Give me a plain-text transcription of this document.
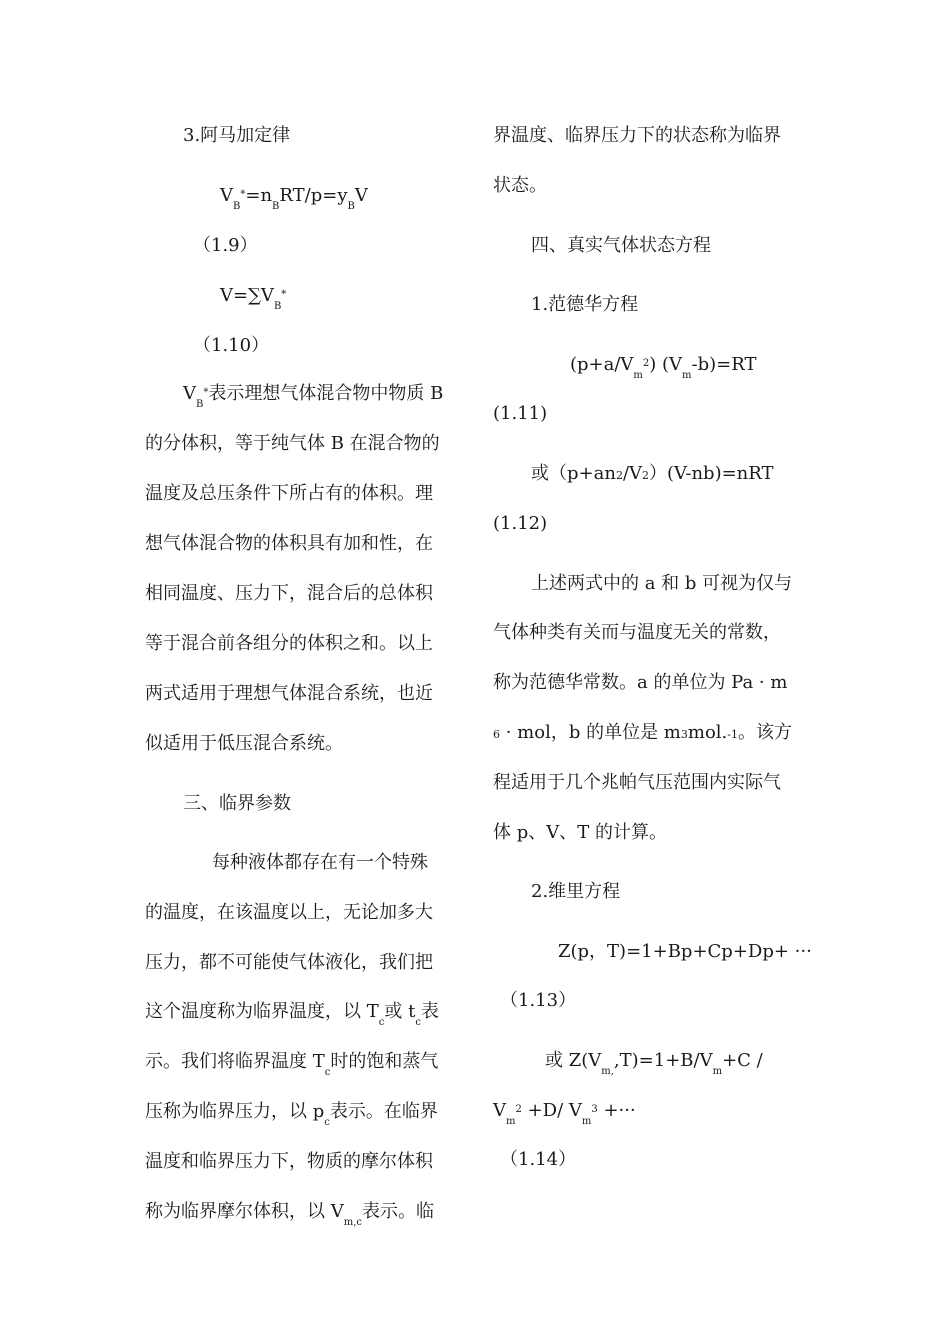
3.阿马加定律
$V_B^*=n_BRT/p=y_BV$
（1.9）
$V=\sum V_B^*$
（1.10）
$V_B^*$表示理想气体混合物中物质 B
的分体积，等于纯气体 B 在混合物的
温度及总压条件下所占有的体积。理
想气体混合物的体积具有加和性，在
相同温度、压力下，混合后的总体积
等于混合前各组分的体积之和。以上
两式适用于理想气体混合系统，也近
似适用于低压混合系统。
三、临界参数
每种液体都存在有一个特殊
的温度，在该温度以上，无论加多大
压力，都不可能使气体液化，我们把
这个温度称为临界温度，以 $T_c$或 $t_c$表
示。我们将临界温度 $T_c$时的饱和蒸气
压称为临界压力，以 $p_c$表示。在临界
温度和临界压力下，物质的摩尔体积
称为临界摩尔体积，以 $V_{m,c}$表示。临
界温度、临界压力下的状态称为临界
状态。
四、真实气体状态方程
1.范德华方程
$(p+a/V_m^2)$ $(V_m-b)=RT$
(1.11)
或（p+an2/V2）(V-nb)=nRT
(1.12)
上述两式中的 a 和 b 可视为仅与
气体种类有关而与温度无关的常数，
称为范德华常数。a 的单位为 Pa · m
6 · mol，b 的单位是 m3mol.-1。该方
程适用于几个兆帕气压范围内实际气
体 p、V、T 的计算。
2.维里方程
Z(p，T)=1+Bp+Cp+Dp+ ···
（1.13）
或 $Z(V_{m,},T)=1+B/V_m+C$ /
$V_m^2 +D/$ $V_m^3$ +···
（1.14）
